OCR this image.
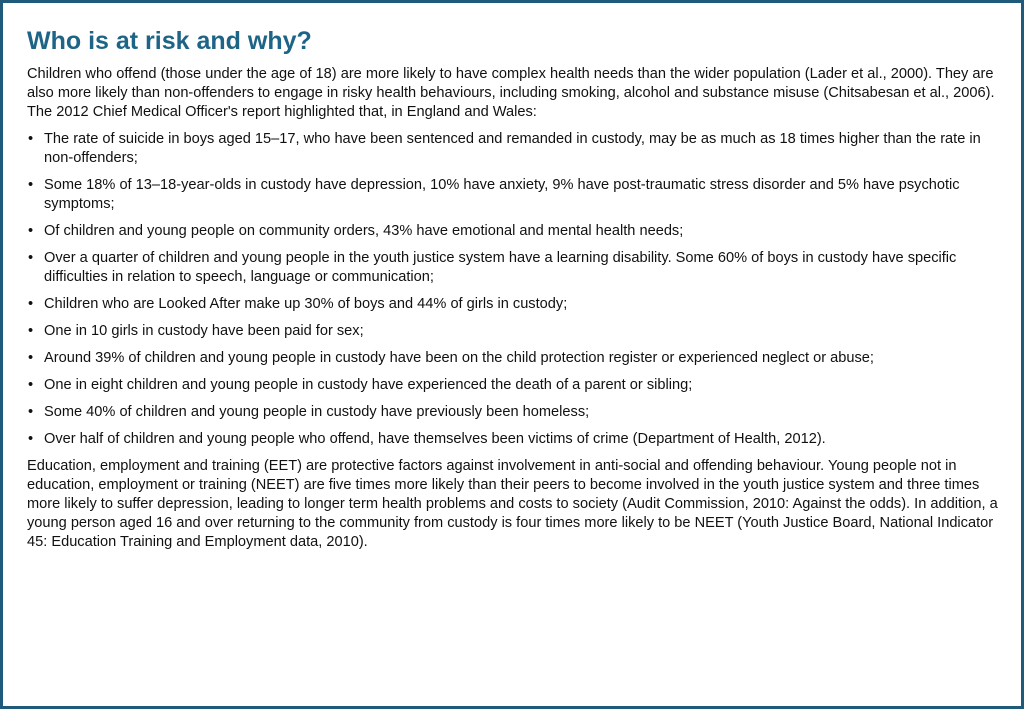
Who is at risk and why?

Children who offend (those under the age of 18) are more likely to have complex health needs than the wider population (Lader et al., 2000). They are also more likely than non-offenders to engage in risky health behaviours, including smoking, alcohol and substance misuse (Chitsabesan et al., 2006). The 2012 Chief Medical Officer's report highlighted that, in England and Wales:

• The rate of suicide in boys aged 15–17, who have been sentenced and remanded in custody, may be as much as 18 times higher than the rate in non-offenders;
• Some 18% of 13–18-year-olds in custody have depression, 10% have anxiety, 9% have post-traumatic stress disorder and 5% have psychotic symptoms;
• Of children and young people on community orders, 43% have emotional and mental health needs;
• Over a quarter of children and young people in the youth justice system have a learning disability. Some 60% of boys in custody have specific difficulties in relation to speech, language or communication;
• Children who are Looked After make up 30% of boys and 44% of girls in custody;
• One in 10 girls in custody have been paid for sex;
• Around 39% of children and young people in custody have been on the child protection register or experienced neglect or abuse;
• One in eight children and young people in custody have experienced the death of a parent or sibling;
• Some 40% of children and young people in custody have previously been homeless;
• Over half of children and young people who offend, have themselves been victims of crime (Department of Health, 2012).

Education, employment and training (EET) are protective factors against involvement in anti-social and offending behaviour. Young people not in education, employment or training (NEET) are five times more likely than their peers to become involved in the youth justice system and three times more likely to suffer depression, leading to longer term health problems and costs to society (Audit Commission, 2010: Against the odds). In addition, a young person aged 16 and over returning to the community from custody is four times more likely to be NEET (Youth Justice Board, National Indicator 45: Education Training and Employment data, 2010).
